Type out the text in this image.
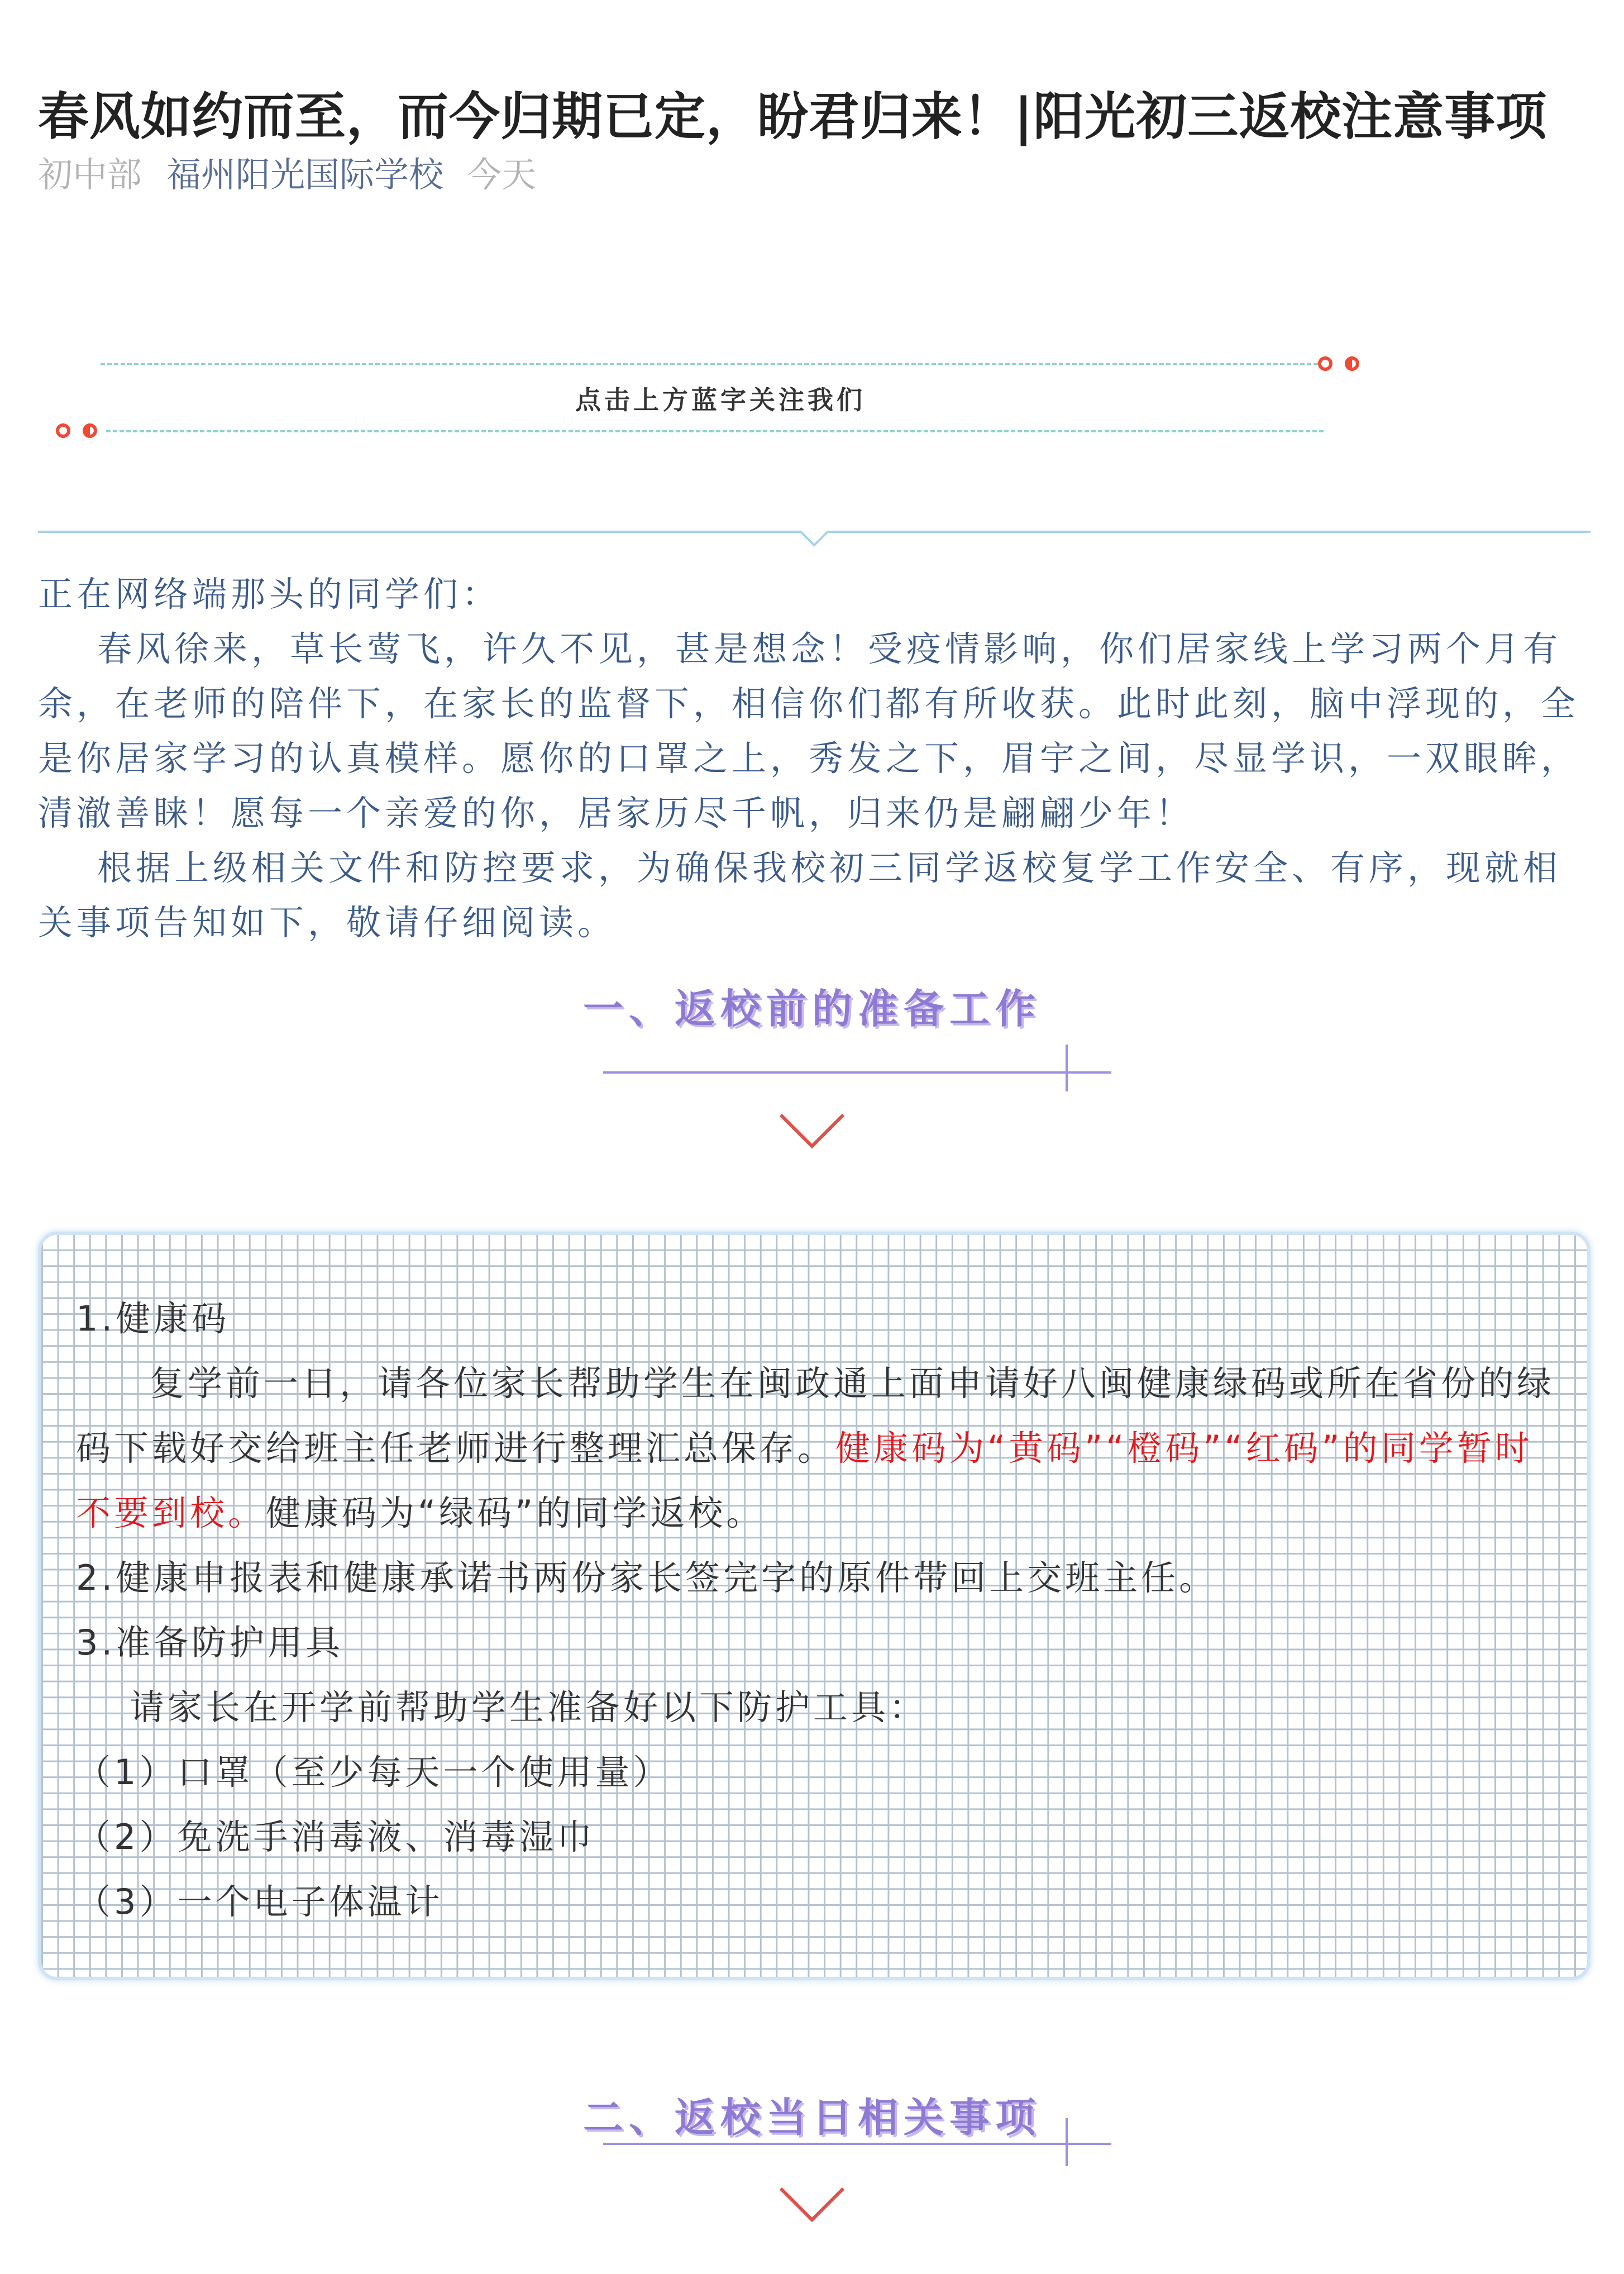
春风如约而至，而今归期已定，盼君归来！|阳光初三返校注意事项
初中部 福州阳光国际学校 今天
点击上方蓝字关注我们

正在网络端那头的同学们：

春风徐来，草长莺飞，许久不见，甚是想念！受疫情影响，你们居家线上学习两个月有余，在老师的陪伴下，在家长的监督下，相信你们都有所收获。此时此刻，脑中浮现的，全是你居家学习的认真模样。愿你的口罩之上，秀发之下，眉宇之间，尽显学识，一双眼眸，清澈善睐！愿每一个亲爱的你，居家历尽千帆，归来仍是翩翩少年！

根据上级相关文件和防控要求，为确保我校初三同学返校复学工作安全、有序，现就相关事项告知如下，敬请仔细阅读。

一、返校前的准备工作

1.健康码

复学前一日，请各位家长帮助学生在闽政通上面申请好八闽健康绿码或所在省份的绿码下载好交给班主任老师进行整理汇总保存。健康码为“黄码”“橙码”“红码”的同学暂时不要到校。健康码为“绿码”的同学返校。

2.健康申报表和健康承诺书两份家长签完字的原件带回上交班主任。

3.准备防护用具

请家长在开学前帮助学生准备好以下防护工具：

（1）口罩（至少每天一个使用量）

（2）免洗手消毒液、消毒湿巾

（3）一个电子体温计

二、返校当日相关事项
